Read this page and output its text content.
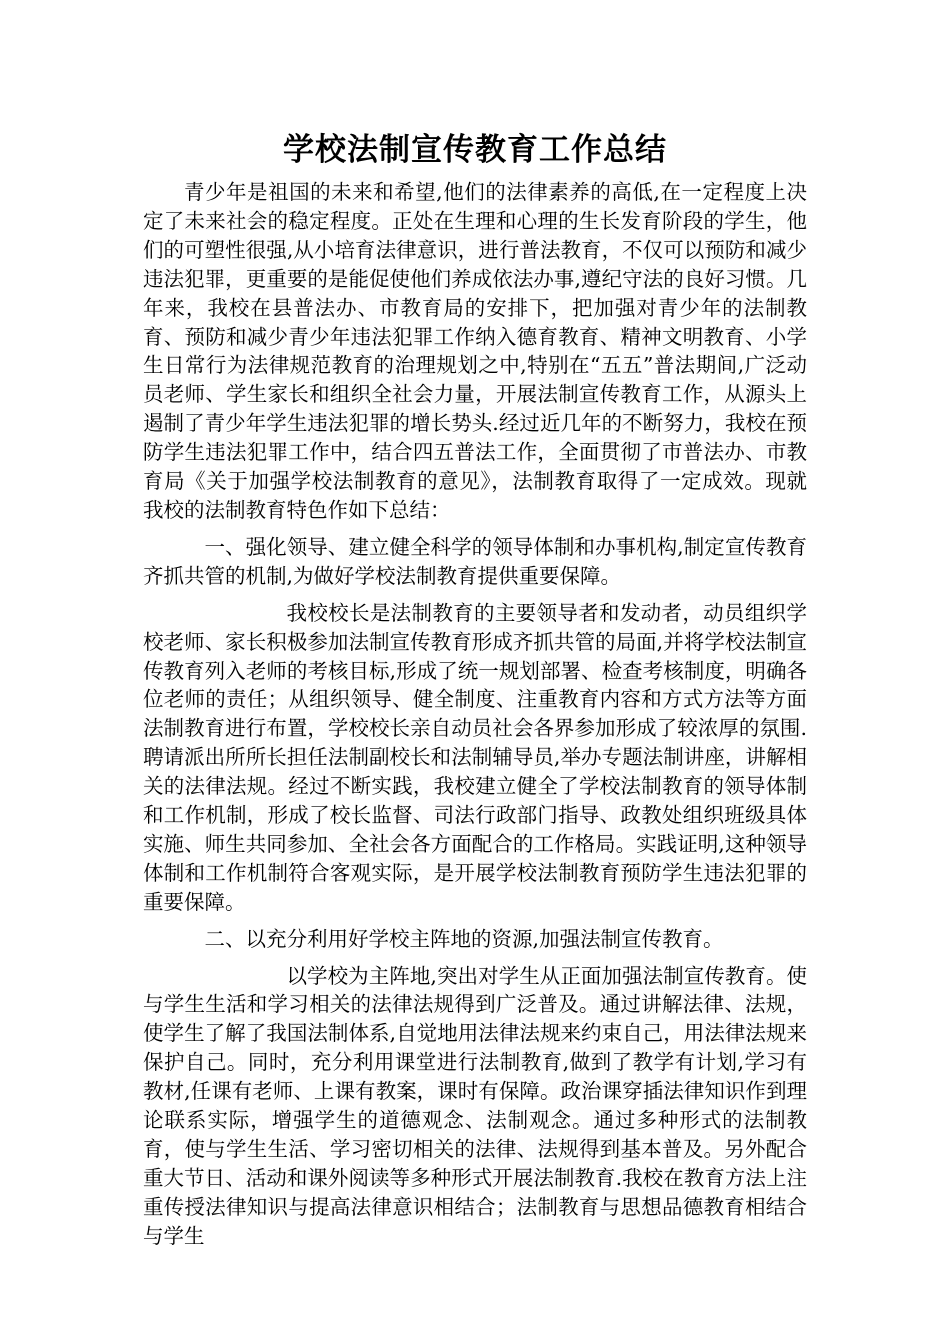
学校法制宣传教育工作总结

青少年是祖国的未来和希望,他们的法律素养的高低,在一定程度上决定了未来社会的稳定程度。正处在生理和心理的生长发育阶段的学生，他们的可塑性很强,从小培育法律意识，进行普法教育，不仅可以预防和减少违法犯罪，更重要的是能促使他们养成依法办事,遵纪守法的良好习惯。几年来，我校在县普法办、市教育局的安排下，把加强对青少年的法制教育、预防和减少青少年违法犯罪工作纳入德育教育、精神文明教育、小学生日常行为法律规范教育的治理规划之中,特别在“五五”普法期间,广泛动员老师、学生家长和组织全社会力量，开展法制宣传教育工作，从源头上遏制了青少年学生违法犯罪的增长势头.经过近几年的不断努力，我校在预防学生违法犯罪工作中，结合四五普法工作，全面贯彻了市普法办、市教育局《关于加强学校法制教育的意见》，法制教育取得了一定成效。现就我校的法制教育特色作如下总结：

一、强化领导、建立健全科学的领导体制和办事机构,制定宣传教育齐抓共管的机制,为做好学校法制教育提供重要保障。

我校校长是法制教育的主要领导者和发动者，动员组织学校老师、家长积极参加法制宣传教育形成齐抓共管的局面,并将学校法制宣传教育列入老师的考核目标,形成了统一规划部署、检查考核制度，明确各位老师的责任；从组织领导、健全制度、注重教育内容和方式方法等方面法制教育进行布置，学校校长亲自动员社会各界参加形成了较浓厚的氛围.聘请派出所所长担任法制副校长和法制辅导员,举办专题法制讲座，讲解相关的法律法规。经过不断实践，我校建立健全了学校法制教育的领导体制和工作机制，形成了校长监督、司法行政部门指导、政教处组织班级具体实施、师生共同参加、全社会各方面配合的工作格局。实践证明,这种领导体制和工作机制符合客观实际，是开展学校法制教育预防学生违法犯罪的重要保障。

二、以充分利用好学校主阵地的资源,加强法制宣传教育。

以学校为主阵地,突出对学生从正面加强法制宣传教育。使与学生生活和学习相关的法律法规得到广泛普及。通过讲解法律、法规，使学生了解了我国法制体系,自觉地用法律法规来约束自己，用法律法规来保护自己。同时，充分利用课堂进行法制教育,做到了教学有计划,学习有教材,任课有老师、上课有教案，课时有保障。政治课穿插法律知识作到理论联系实际，增强学生的道德观念、法制观念。通过多种形式的法制教育，使与学生生活、学习密切相关的法律、法规得到基本普及。另外配合重大节日、活动和课外阅读等多种形式开展法制教育.我校在教育方法上注重传授法律知识与提高法律意识相结合；法制教育与思想品德教育相结合与学生
